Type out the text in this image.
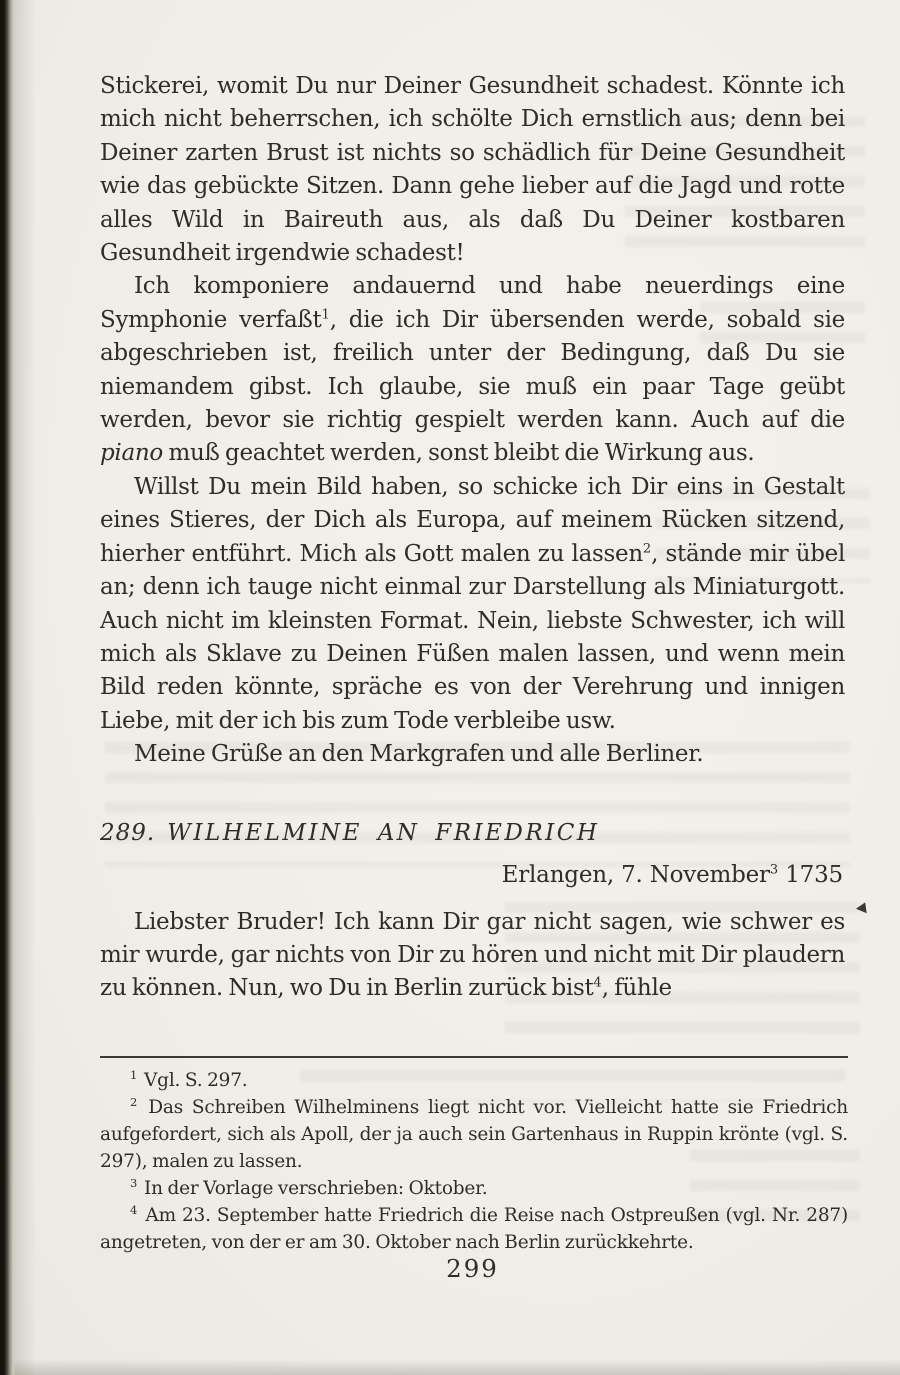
Stickerei, womit Du nur Deiner Gesundheit schadest. Könnte ich mich nicht beherrschen, ich schölte Dich ernstlich aus; denn bei Deiner zarten Brust ist nichts so schädlich für Deine Gesundheit wie das gebückte Sitzen. Dann gehe lieber auf die Jagd und rotte alles Wild in Baireuth aus, als daß Du Deiner kostbaren Gesundheit irgendwie schadest!

Ich komponiere andauernd und habe neuerdings eine Symphonie verfaßt$^1$, die ich Dir übersenden werde, sobald sie abgeschrieben ist, freilich unter der Bedingung, daß Du sie niemandem gibst. Ich glaube, sie muß ein paar Tage geübt werden, bevor sie richtig gespielt werden kann. Auch auf die piano muß geachtet werden, sonst bleibt die Wirkung aus.

Willst Du mein Bild haben, so schicke ich Dir eins in Gestalt eines Stieres, der Dich als Europa, auf meinem Rücken sitzend, hierher entführt. Mich als Gott malen zu lassen$^2$, stände mir übel an; denn ich tauge nicht einmal zur Darstellung als Miniaturgott. Auch nicht im kleinsten Format. Nein, liebste Schwester, ich will mich als Sklave zu Deinen Füßen malen lassen, und wenn mein Bild reden könnte, spräche es von der Verehrung und innigen Liebe, mit der ich bis zum Tode verbleibe usw.

Meine Grüße an den Markgrafen und alle Berliner.

289. WILHELMINE AN FRIEDRICH

Erlangen, 7. November$^3$ 1735

Liebster Bruder! Ich kann Dir gar nicht sagen, wie schwer es mir wurde, gar nichts von Dir zu hören und nicht mit Dir plaudern zu können. Nun, wo Du in Berlin zurück bist$^4$, fühle

$^1$ Vgl. S. 297.

$^2$ Das Schreiben Wilhelminens liegt nicht vor. Vielleicht hatte sie Friedrich aufgefordert, sich als Apoll, der ja auch sein Gartenhaus in Ruppin krönte (vgl. S. 297), malen zu lassen.

$^3$ In der Vorlage verschrieben: Oktober.

$^4$ Am 23. September hatte Friedrich die Reise nach Ostpreußen (vgl. Nr. 287) angetreten, von der er am 30. Oktober nach Berlin zurückkehrte.

299
